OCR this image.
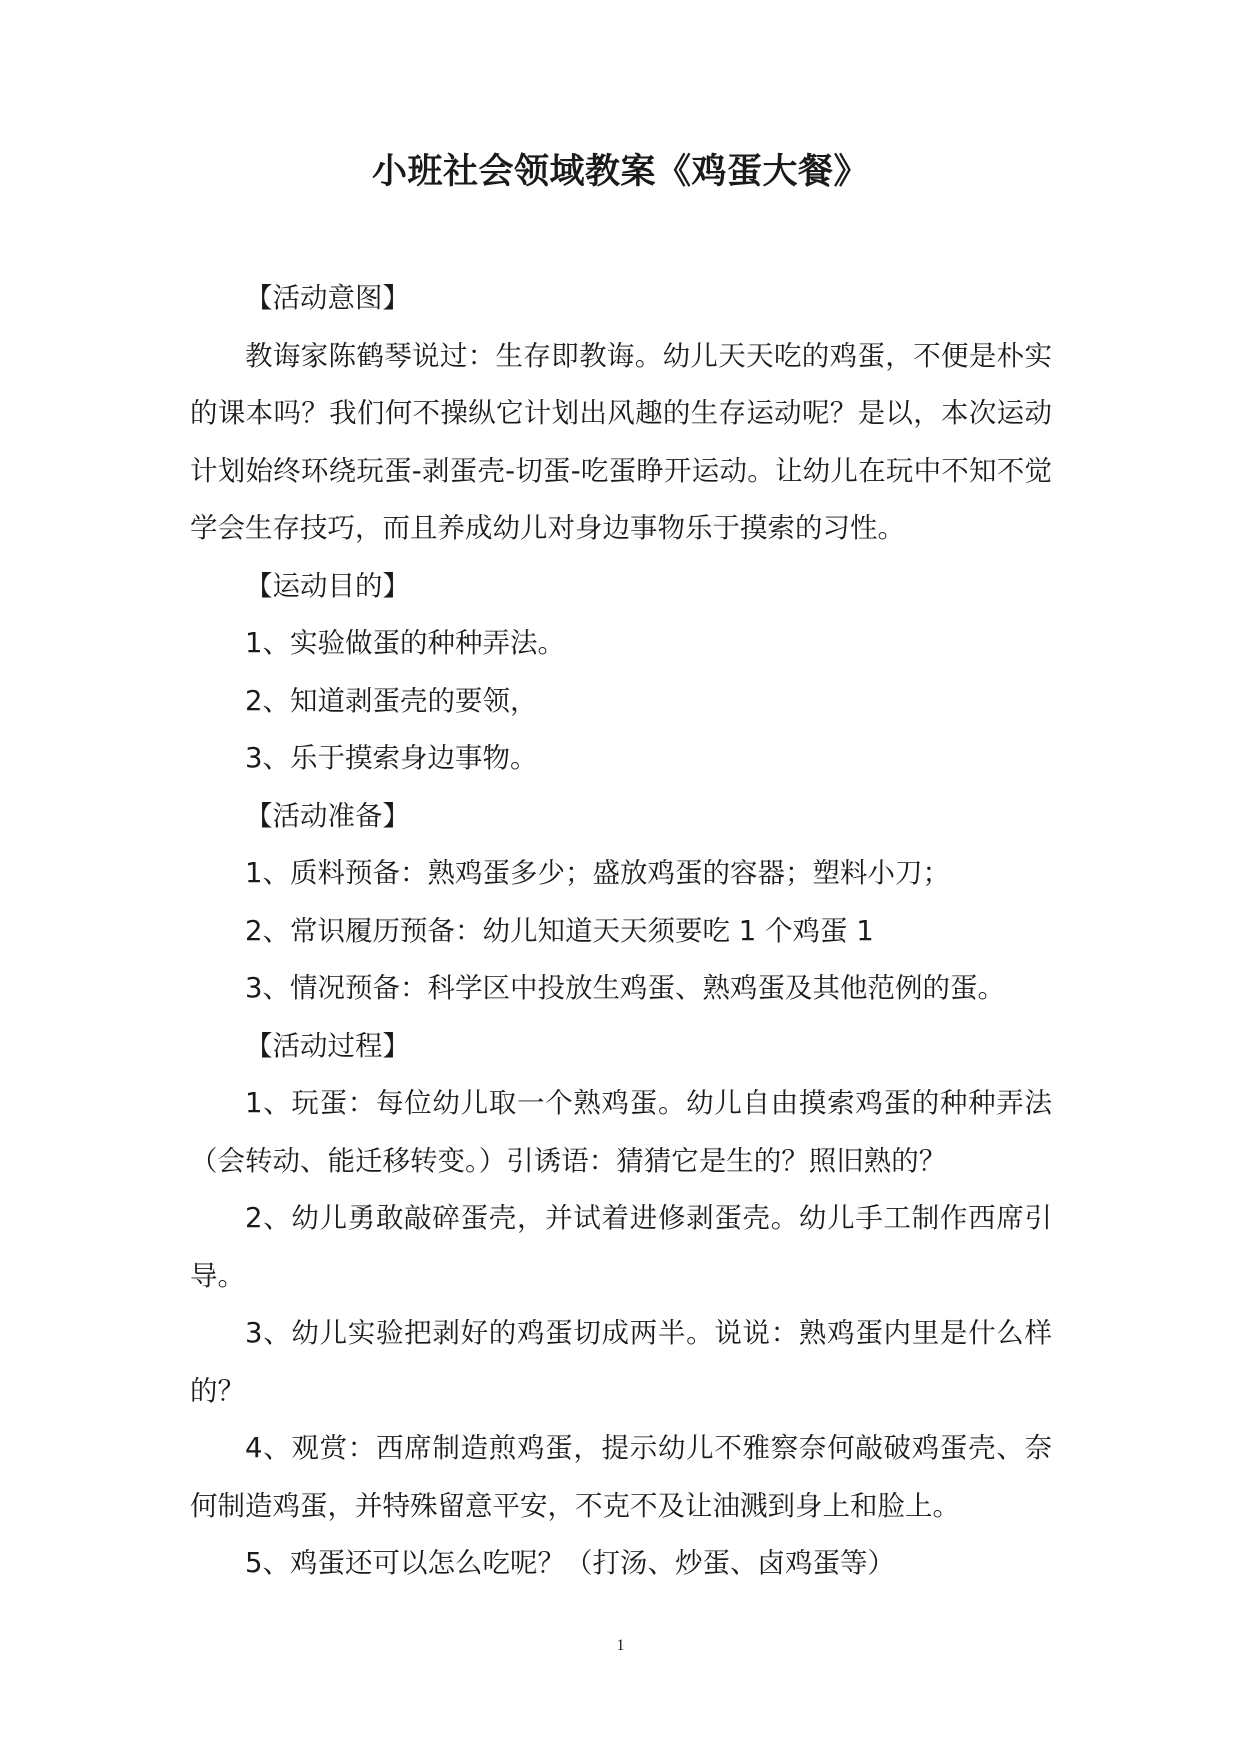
小班社会领域教案《鸡蛋大餐》

【活动意图】

教诲家陈鹤琴说过：生存即教诲。幼儿天天吃的鸡蛋，不便是朴实的课本吗？我们何不操纵它计划出风趣的生存运动呢？是以，本次运动计划始终环绕玩蛋-剥蛋壳-切蛋-吃蛋睁开运动。让幼儿在玩中不知不觉学会生存技巧，而且养成幼儿对身边事物乐于摸索的习性。

【运动目的】

1、实验做蛋的种种弄法。

2、知道剥蛋壳的要领，

3、乐于摸索身边事物。

【活动准备】

1、质料预备：熟鸡蛋多少；盛放鸡蛋的容器；塑料小刀；

2、常识履历预备：幼儿知道天天须要吃 1 个鸡蛋 1

3、情况预备：科学区中投放生鸡蛋、熟鸡蛋及其他范例的蛋。

【活动过程】

1、玩蛋：每位幼儿取一个熟鸡蛋。幼儿自由摸索鸡蛋的种种弄法（会转动、能迁移转变。）引诱语：猜猜它是生的？照旧熟的？

2、幼儿勇敢敲碎蛋壳，并试着进修剥蛋壳。幼儿手工制作西席引导。

3、幼儿实验把剥好的鸡蛋切成两半。说说：熟鸡蛋内里是什么样的？

4、观赏：西席制造煎鸡蛋，提示幼儿不雅察奈何敲破鸡蛋壳、奈何制造鸡蛋，并特殊留意平安，不克不及让油溅到身上和脸上。

5、鸡蛋还可以怎么吃呢？（打汤、炒蛋、卤鸡蛋等）

1
